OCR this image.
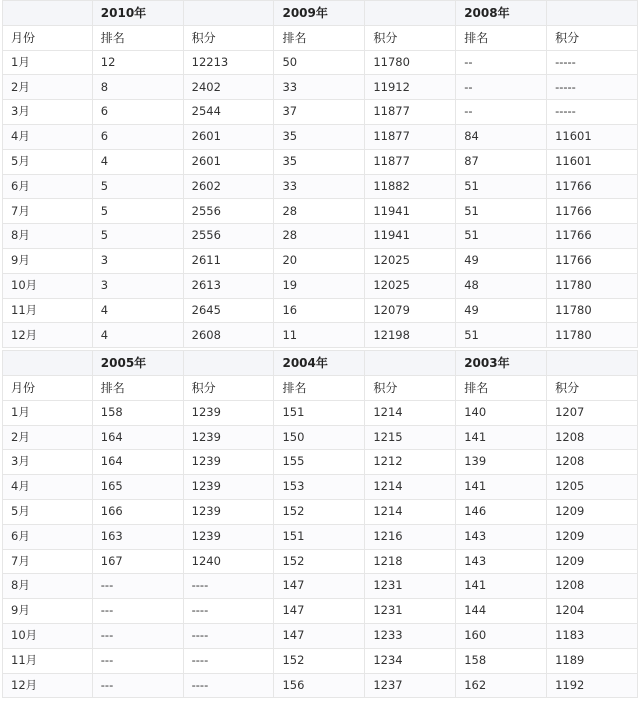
	2010年		2009年		2008年	
月份	排名	积分	排名	积分	排名	积分
1月	12	12213	50	11780	--	-----
2月	8	2402	33	11912	--	-----
3月	6	2544	37	11877	--	-----
4月	6	2601	35	11877	84	11601
5月	4	2601	35	11877	87	11601
6月	5	2602	33	11882	51	11766
7月	5	2556	28	11941	51	11766
8月	5	2556	28	11941	51	11766
9月	3	2611	20	12025	49	11766
10月	3	2613	19	12025	48	11780
11月	4	2645	16	12079	49	11780
12月	4	2608	11	12198	51	11780
	2005年		2004年		2003年	
月份	排名	积分	排名	积分	排名	积分
1月	158	1239	151	1214	140	1207
2月	164	1239	150	1215	141	1208
3月	164	1239	155	1212	139	1208
4月	165	1239	153	1214	141	1205
5月	166	1239	152	1214	146	1209
6月	163	1239	151	1216	143	1209
7月	167	1240	152	1218	143	1209
8月	---	----	147	1231	141	1208
9月	---	----	147	1231	144	1204
10月	---	----	147	1233	160	1183
11月	---	----	152	1234	158	1189
12月	---	----	156	1237	162	1192
